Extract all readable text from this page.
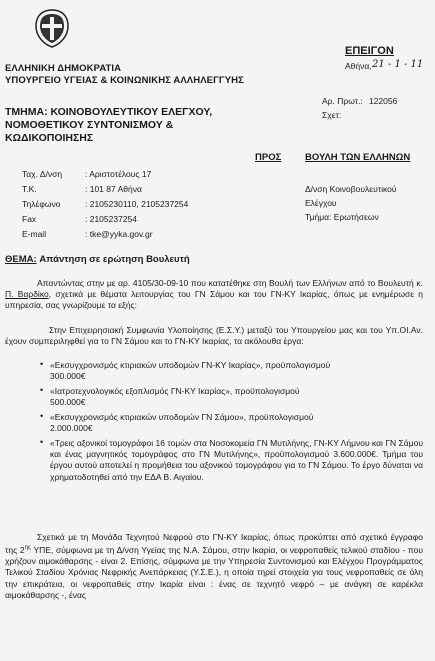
ΕΛΛΗΝΙΚΗ ΔΗΜΟΚΡΑΤΙΑ
ΥΠΟΥΡΓΕΙΟ ΥΓΕΙΑΣ & ΚΟΙΝΩΝΙΚΗΣ ΑΛΛΗΛΕΓΓΥΗΣ
ΕΠΕΙΓΟΝ
Αθήνα, 21 - 1 - 11
Αρ. Πρωτ.: 122056
Σχετ:
ΤΜΗΜΑ: ΚΟΙΝΟΒΟΥΛΕΥΤΙΚΟΥ ΕΛΕΓΧΟΥ,
ΝΟΜΟΘΕΤΙΚΟΥ ΣΥΝΤΟΝΙΣΜΟΥ &
ΚΩΔΙΚΟΠΟΙΗΣΗΣ
ΠΡΟΣ ΒΟΥΛΗ ΤΩΝ ΕΛΛΗΝΩΝ
Δ/νση Κοινοβουλευτικού
Ελέγχου
Τμήμα: Ερωτήσεων
Ταχ. Δ/νση	: Αριστοτέλους 17
Τ.Κ.	: 101 87 Αθήνα
Τηλέφωνο	: 2105230110, 2105237254
Fax	: 2105237254
E-mail	: tke@yyka.gov.gr
ΘΕΜΑ: Απάντηση σε ερώτηση Βουλευτή
Απαντώντας στην με αρ. 4105/30-09-10 που κατατέθηκε στη Βουλή των Ελλήνων από το Βουλευτή κ. Π. Βαρδίκο, σχετικά με θέματα λειτουργίας του ΓΝ Σάμου και του ΓΝ-ΚΥ Ικαρίας, όπως με ενημέρωσε η υπηρεσία, σας γνωρίζουμε τα εξής:
Στην Επιχειρησιακή Συμφωνία Υλοποίησης (Ε.Σ.Υ.) μεταξύ του Υπουργείου μας και του Υπ.ΟΙ.Αν. έχουν συμπεριληφθεί για το ΓΝ Σάμου και το ΓΝ-ΚΥ Ικαρίας, τα ακόλουθα έργα:
• «Εκσυγχρονισμός κτιριακών υποδομών ΓΝ-ΚΥ Ικαρίας», προϋπολογισμού
300.000€
• «Ιατροτεχνολογικός εξοπλισμός ΓΝ-ΚΥ Ικαρίας», προϋπολογισμού
500.000€
• «Εκσυγχρονισμός κτιριακών υποδομών ΓΝ Σάμου», προϋπολογισμού
2.000.000€
• «Τρεις αξονικοί τομογράφοι 16 τομών στα Νοσοκομεία ΓΝ Μυτιλήνης, ΓΝ-ΚΥ Λήμνου και ΓΝ Σάμου και ένας μαγνητικός τομογράφος στο ΓΝ Μυτιλήνης», προϋπολογισμού 3.600.000€. Τμήμα του έργου αυτού αποτελεί η προμήθεια του αξονικού τομογράφου για το ΓΝ Σάμου. Το έργο δύναται να χρηματοδοτηθεί από την ΕΔΑ Β. Αιγαίου.
Σχετικά με τη Μονάδα Τεχνητού Νεφρού στο ΓΝ-ΚΥ Ικαρίας, όπως προκύπτει από σχετικό έγγραφο της $2^{\eta\varsigma}$ ΥΠΕ, σύμφωνα με τη Δ/νση Υγείας της Ν.Α. Σάμου, στην Ικαρία, οι νεφροπαθείς τελικού σταδίου - που χρήζουν αιμοκάθαρσης - είναι 2. Επίσης, σύμφωνα με την Υπηρεσία Συντονισμού και Ελέγχου Προγράμματος Τελικού Σταδίου Χρόνιας Νεφρικής Ανεπάρκειας (Υ.Σ.Ε.), η οποία τηρεί στοιχεία για τους νεφροπαθείς σε όλη την επικράτεια, οι νεφροπαθείς στην Ικαρία είναι : ένας σε τεχνητό νεφρό – με ανάγκη σε καρέκλα αιμοκάθαρσης -, ένας
